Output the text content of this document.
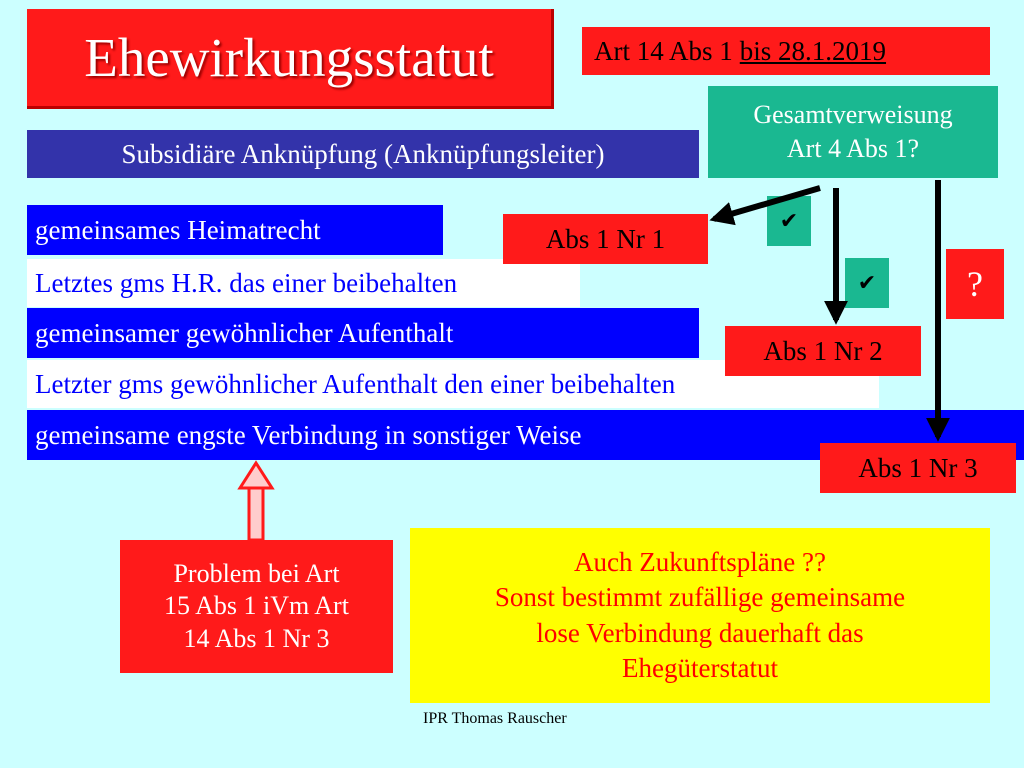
Ehewirkungsstatut	Art 14 Abs 1 bis 28.1.2019
Gesamtverweisung
Art 4 Abs 1?
Subsidiäre Anknüpfung (Anknüpfungsleiter)
gemeinsames Heimatrecht
Letztes gms H.R. das einer beibehalten
gemeinsamer gewöhnlicher Aufenthalt
Letzter gms gewöhnlicher Aufenthalt den einer beibehalten
gemeinsame engste Verbindung in sonstiger Weise
Abs 1 Nr 1
Abs 1 Nr 2
Abs 1 Nr 3
✔
✔	?
Problem bei Art
15 Abs 1 iVm Art
14 Abs 1 Nr 3
Auch Zukunftspläne ??
Sonst bestimmt zufällige gemeinsame
lose Verbindung dauerhaft das
Ehegüterstatut
IPR Thomas Rauscher
